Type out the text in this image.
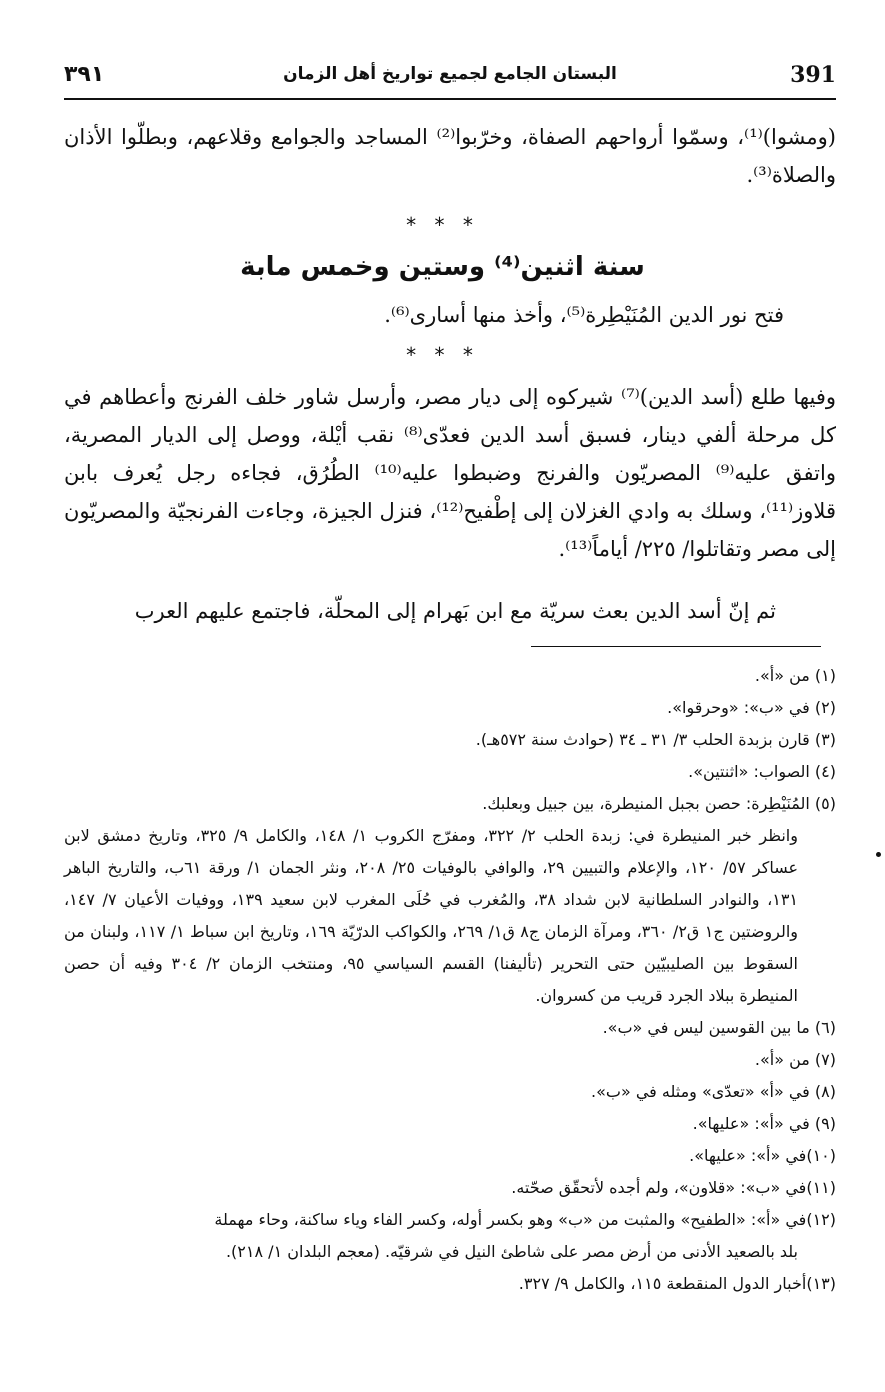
391
البستان الجامع لجميع تواريخ أهل الزمان
٣٩١
(ومشوا)⁽¹⁾، وسمّوا أرواحهم الصفاة، وخرّبوا⁽²⁾ المساجد والجوامع وقلاعهم، وبطلّوا الأذان والصلاة⁽³⁾.
* * *
سنة اثنين⁽⁴⁾ وستين وخمس مابة
فتح نور الدين المُنَيْطِرة⁽⁵⁾، وأخذ منها أسارى⁽⁶⁾.
* * *
وفيها طلع (أسد الدين)⁽⁷⁾ شيركوه إلى ديار مصر، وأرسل شاور خلف الفرنج وأعطاهم في كل مرحلة ألفي دينار، فسبق أسد الدين فعدّى⁽⁸⁾ نقب أيْلة، ووصل إلى الديار المصرية، واتفق عليه⁽⁹⁾ المصريّون والفرنج وضبطوا عليه⁽¹⁰⁾ الطُرُق، فجاءه رجل يُعرف بابن قلاوز⁽¹¹⁾، وسلك به وادي الغزلان إلى إطْفيح⁽¹²⁾، فنزل الجيزة، وجاءت الفرنجيّة والمصريّون إلى مصر وتقاتلوا/ ٢٢٥/ أياماً⁽¹³⁾.
ثم إنّ أسد الدين بعث سريّة مع ابن بَهرام إلى المحلّة، فاجتمع عليهم العرب
(١) من «أ».
(٢) في «ب»: «وحرقوا».
(٣) قارن بزبدة الحلب ٣/ ٣١ ـ ٣٤ (حوادث سنة ٥٧٢هـ).
(٤) الصواب: «اثنتين».
(٥) المُنَيْطِرة: حصن بجبل المنيطرة، بين جبيل وبعلبك.
وانظر خبر المنيطرة في: زبدة الحلب ٢/ ٣٢٢، ومفرّج الكروب ١/ ١٤٨، والكامل ٩/ ٣٢٥، وتاريخ دمشق لابن عساكر ٥٧/ ١٢٠، والإعلام والتبيين ٢٩، والوافي بالوفيات ٢٥/ ٢٠٨، ونثر الجمان ١/ ورقة ٦١ب، والتاريخ الباهر ١٣١، والنوادر السلطانية لابن شداد ٣٨، والمُغرب في حُلَى المغرب لابن سعيد ١٣٩، ووفيات الأعيان ٧/ ١٤٧، والروضتين ج١ ق٢/ ٣٦٠، ومرآة الزمان ج٨ ق١/ ٢٦٩، والكواكب الدرّيّة ١٦٩، وتاريخ ابن سباط ١/ ١١٧، ولبنان من السقوط بين الصليبيّين حتى التحرير (تأليفنا) القسم السياسي ٩٥، ومنتخب الزمان ٢/ ٣٠٤ وفيه أن حصن المنيطرة ببلاد الجرد قريب من كسروان.
(٦) ما بين القوسين ليس في «ب».
(٧) من «أ».
(٨) في «أ» «تعدّى» ومثله في «ب».
(٩) في «أ»: «عليها».
(١٠)في «أ»: «عليها».
(١١)في «ب»: «قلاون»، ولم أجده لأتحقّق صحّته.
(١٢)في «أ»: «الطفيح» والمثبت من «ب» وهو بكسر أوله، وكسر الفاء وياء ساكنة، وحاء مهملة
بلد بالصعيد الأدنى من أرض مصر على شاطئ النيل في شرقيّه. (معجم البلدان ١/ ٢١٨).
(١٣)أخبار الدول المنقطعة ١١٥، والكامل ٩/ ٣٢٧.
